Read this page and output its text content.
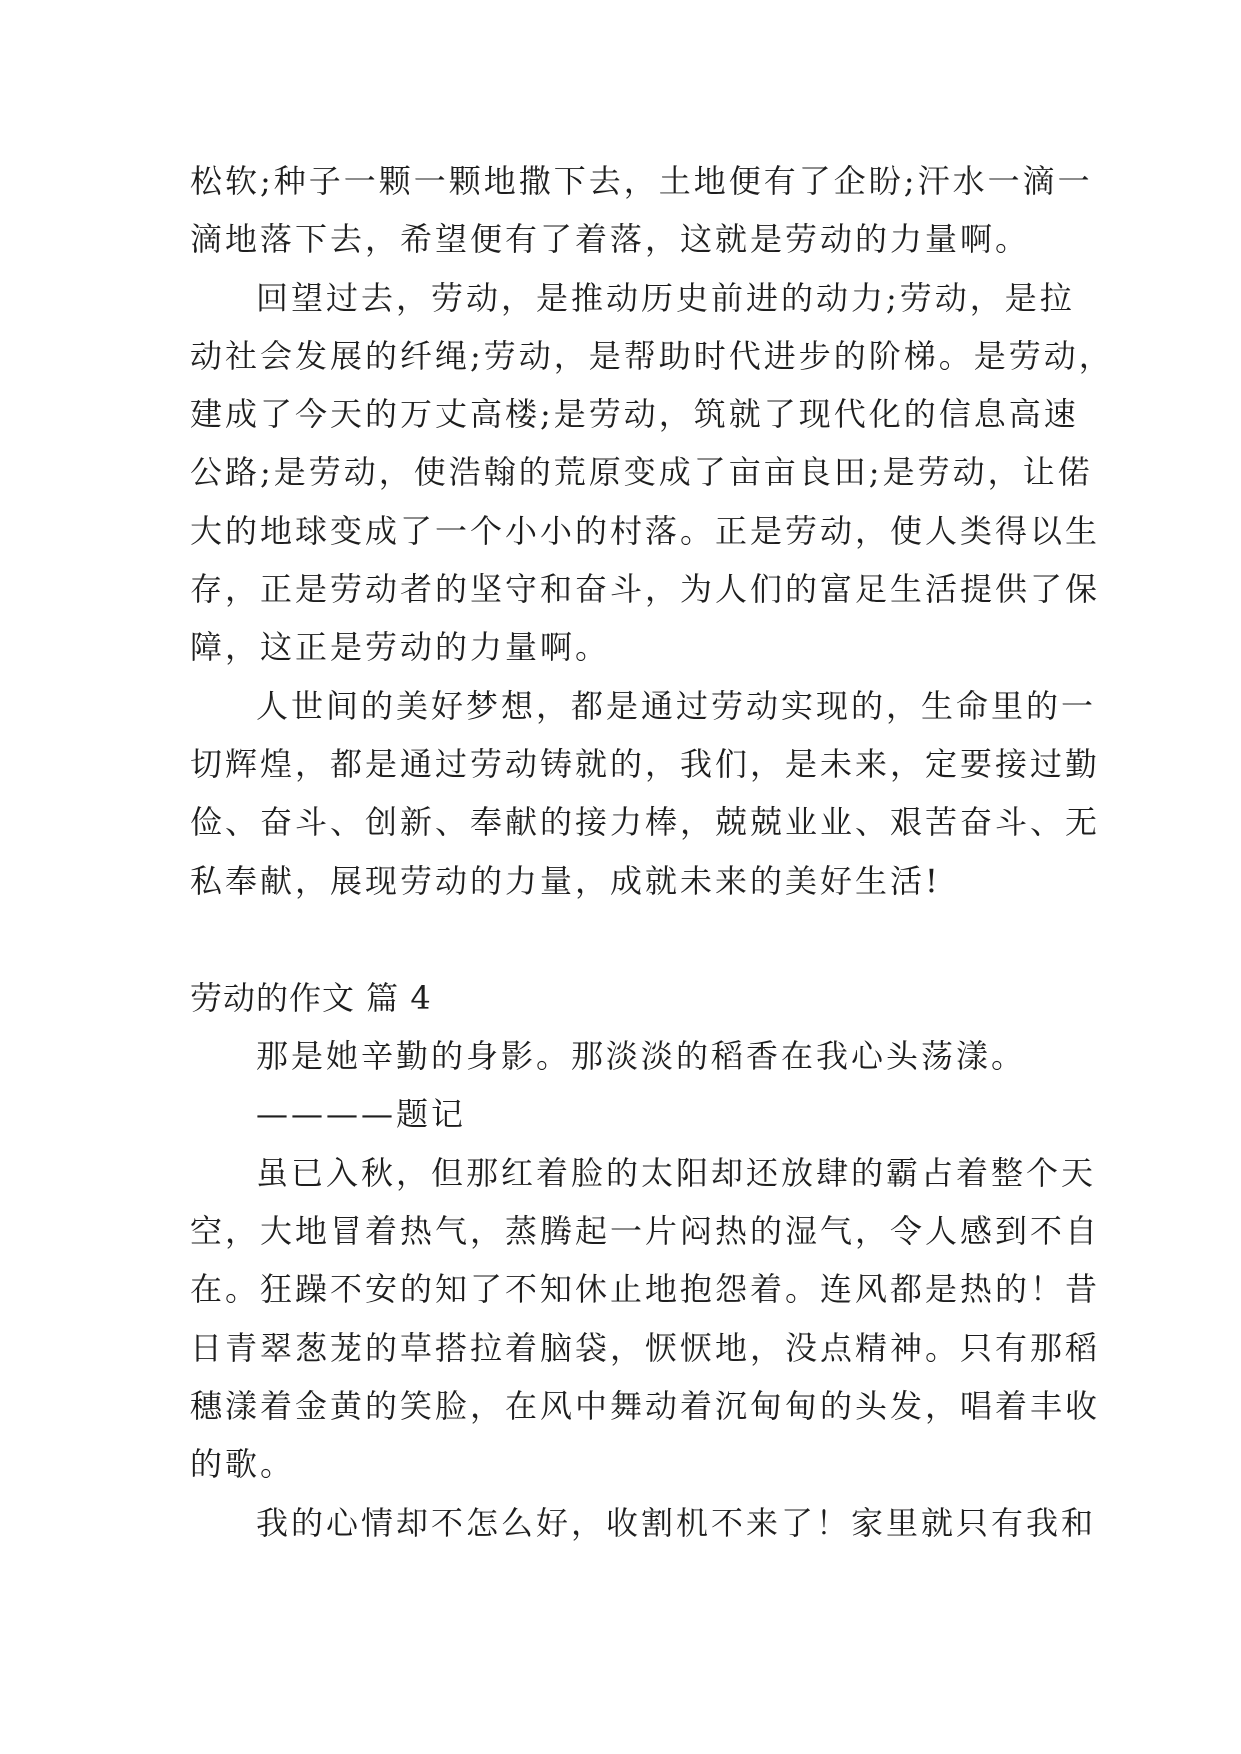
松软;种子一颗一颗地撒下去，土地便有了企盼;汗水一滴一
滴地落下去，希望便有了着落，这就是劳动的力量啊。
回望过去，劳动，是推动历史前进的动力;劳动，是拉
动社会发展的纤绳;劳动，是帮助时代进步的阶梯。是劳动，
建成了今天的万丈高楼;是劳动，筑就了现代化的信息高速
公路;是劳动，使浩翰的荒原变成了亩亩良田;是劳动，让偌
大的地球变成了一个小小的村落。正是劳动，使人类得以生
存，正是劳动者的坚守和奋斗，为人们的富足生活提供了保
障，这正是劳动的力量啊。
人世间的美好梦想，都是通过劳动实现的，生命里的一
切辉煌，都是通过劳动铸就的，我们，是未来，定要接过勤
俭、奋斗、创新、奉献的接力棒，兢兢业业、艰苦奋斗、无
私奉献，展现劳动的力量，成就未来的美好生活!
劳动的作文 篇 4
那是她辛勤的身影。那淡淡的稻香在我心头荡漾。
————题记
虽已入秋，但那红着脸的太阳却还放肆的霸占着整个天
空，大地冒着热气，蒸腾起一片闷热的湿气，令人感到不自
在。狂躁不安的知了不知休止地抱怨着。连风都是热的！昔
日青翠葱茏的草搭拉着脑袋，恹恹地，没点精神。只有那稻
穗漾着金黄的笑脸，在风中舞动着沉甸甸的头发，唱着丰收
的歌。
我的心情却不怎么好，收割机不来了！家里就只有我和
